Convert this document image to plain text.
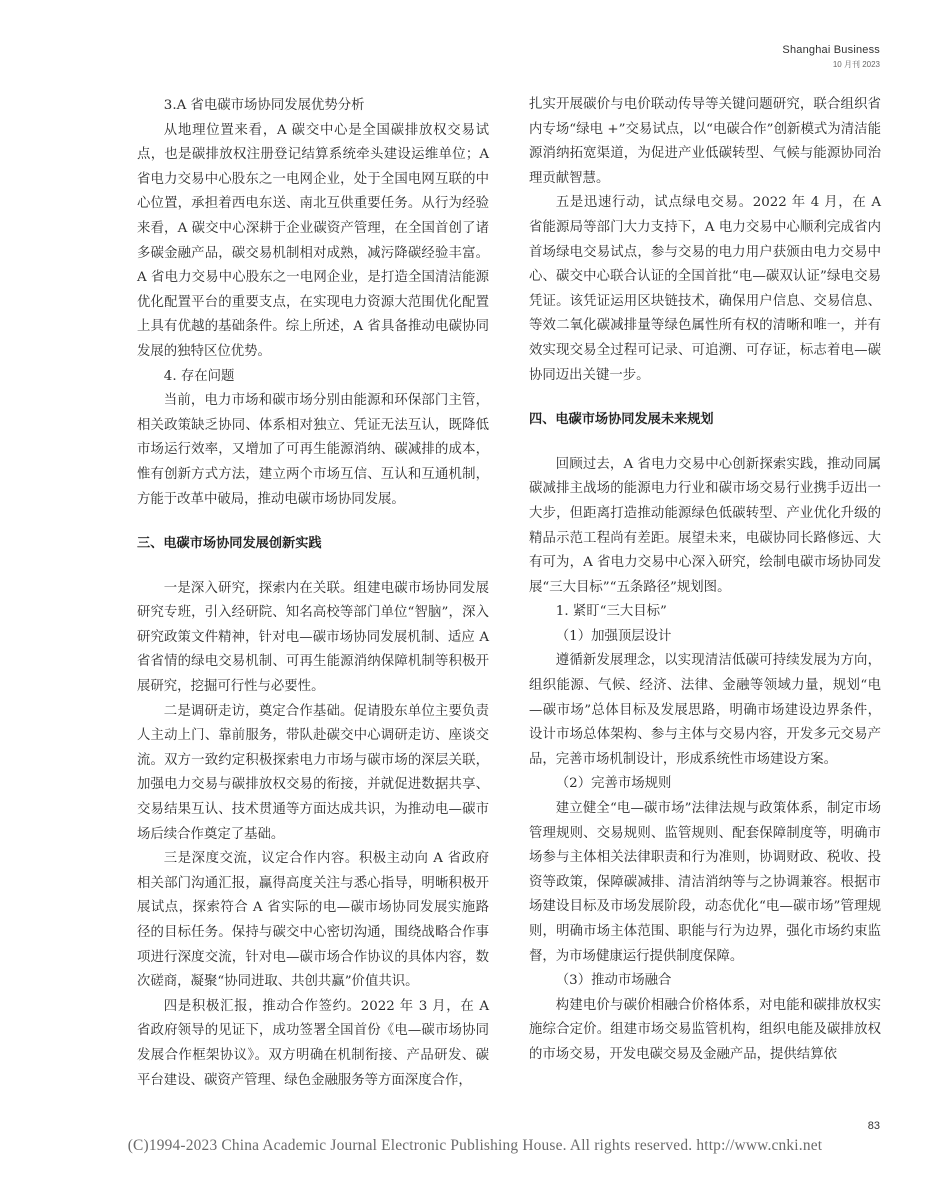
Shanghai Business
10 月刊 2023

3.A 省电碳市场协同发展优势分析

从地理位置来看，A 碳交中心是全国碳排放权交易试点，也是碳排放权注册登记结算系统牵头建设运维单位；A 省电力交易中心股东之一电网企业，处于全国电网互联的中心位置，承担着西电东送、南北互供重要任务。从行为经验来看，A 碳交中心深耕于企业碳资产管理，在全国首创了诸多碳金融产品，碳交易机制相对成熟，减污降碳经验丰富。A 省电力交易中心股东之一电网企业，是打造全国清洁能源优化配置平台的重要支点，在实现电力资源大范围优化配置上具有优越的基础条件。综上所述，A 省具备推动电碳协同发展的独特区位优势。

4. 存在问题

当前，电力市场和碳市场分别由能源和环保部门主管，相关政策缺乏协同、体系相对独立、凭证无法互认，既降低市场运行效率，又增加了可再生能源消纳、碳减排的成本，惟有创新方式方法，建立两个市场互信、互认和互通机制，方能于改革中破局，推动电碳市场协同发展。

三、电碳市场协同发展创新实践

一是深入研究，探索内在关联。组建电碳市场协同发展研究专班，引入经研院、知名高校等部门单位“智脑”，深入研究政策文件精神，针对电—碳市场协同发展机制、适应 A 省省情的绿电交易机制、可再生能源消纳保障机制等积极开展研究，挖掘可行性与必要性。

二是调研走访，奠定合作基础。促请股东单位主要负责人主动上门、靠前服务，带队赴碳交中心调研走访、座谈交流。双方一致约定积极探索电力市场与碳市场的深层关联，加强电力交易与碳排放权交易的衔接，并就促进数据共享、交易结果互认、技术贯通等方面达成共识，为推动电—碳市场后续合作奠定了基础。

三是深度交流，议定合作内容。积极主动向 A 省政府相关部门沟通汇报，赢得高度关注与悉心指导，明晰积极开展试点，探索符合 A 省实际的电—碳市场协同发展实施路径的目标任务。保持与碳交中心密切沟通，围绕战略合作事项进行深度交流，针对电—碳市场合作协议的具体内容，数次磋商，凝聚“协同进取、共创共赢”价值共识。

四是积极汇报，推动合作签约。2022 年 3 月，在 A 省政府领导的见证下，成功签署全国首份《电—碳市场协同发展合作框架协议》。双方明确在机制衔接、产品研发、碳平台建设、碳资产管理、绿色金融服务等方面深度合作，

扎实开展碳价与电价联动传导等关键问题研究，联合组织省内专场“绿电 +”交易试点，以“电碳合作”创新模式为清洁能源消纳拓宽渠道，为促进产业低碳转型、气候与能源协同治理贡献智慧。

五是迅速行动，试点绿电交易。2022 年 4 月，在 A 省能源局等部门大力支持下，A 电力交易中心顺利完成省内首场绿电交易试点，参与交易的电力用户获颁由电力交易中心、碳交中心联合认证的全国首批“电—碳双认证”绿电交易凭证。该凭证运用区块链技术，确保用户信息、交易信息、等效二氧化碳减排量等绿色属性所有权的清晰和唯一，并有效实现交易全过程可记录、可追溯、可存证，标志着电—碳协同迈出关键一步。

四、电碳市场协同发展未来规划

回顾过去，A 省电力交易中心创新探索实践，推动同属碳减排主战场的能源电力行业和碳市场交易行业携手迈出一大步，但距离打造推动能源绿色低碳转型、产业优化升级的精品示范工程尚有差距。展望未来，电碳协同长路修远、大有可为，A 省电力交易中心深入研究，绘制电碳市场协同发展“三大目标”“五条路径”规划图。

1. 紧盯“三大目标”

（1）加强顶层设计

遵循新发展理念，以实现清洁低碳可持续发展为方向，组织能源、气候、经济、法律、金融等领域力量，规划“电—碳市场”总体目标及发展思路，明确市场建设边界条件，设计市场总体架构、参与主体与交易内容，开发多元交易产品，完善市场机制设计，形成系统性市场建设方案。

（2）完善市场规则

建立健全“电—碳市场”法律法规与政策体系，制定市场管理规则、交易规则、监管规则、配套保障制度等，明确市场参与主体相关法律职责和行为准则，协调财政、税收、投资等政策，保障碳减排、清洁消纳等与之协调兼容。根据市场建设目标及市场发展阶段，动态优化“电—碳市场”管理规则，明确市场主体范围、职能与行为边界，强化市场约束监督，为市场健康运行提供制度保障。

（3）推动市场融合

构建电价与碳价相融合价格体系，对电能和碳排放权实施综合定价。组建市场交易监管机构，组织电能及碳排放权的市场交易，开发电碳交易及金融产品，提供结算依

83
(C)1994-2023 China Academic Journal Electronic Publishing House. All rights reserved. http://www.cnki.net
